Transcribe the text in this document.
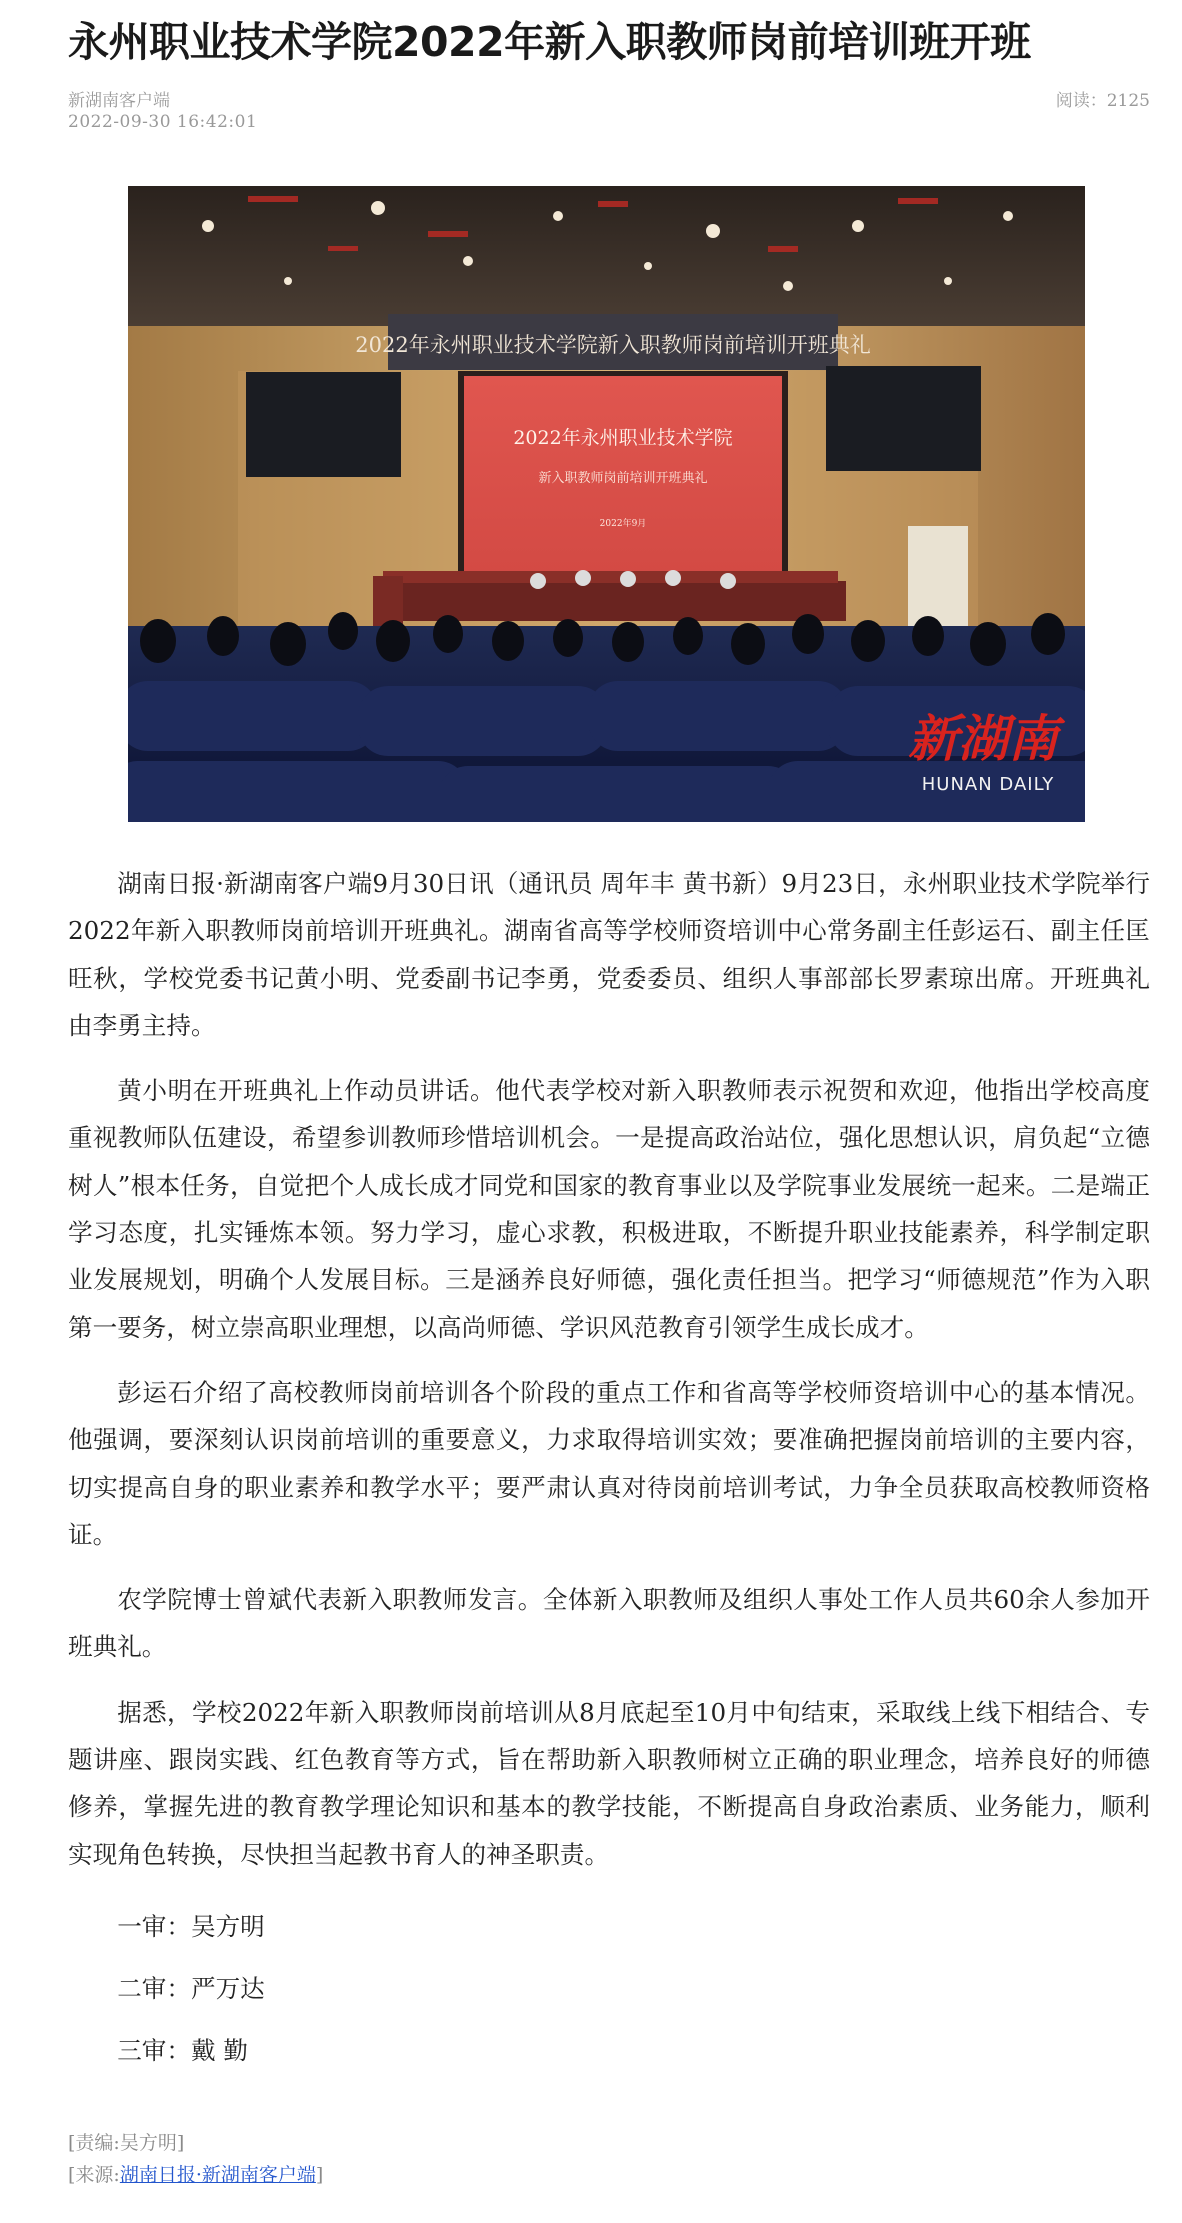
永州职业技术学院2022年新入职教师岗前培训班开班
新湖南客户端
2022-09-30 16:42:01
阅读：2125
2022年永州职业技术学院新入职教师岗前培训开班典礼
2022年永州职业技术学院
新入职教师岗前培训开班典礼
2022年9月
新湖南
HUNAN DAILY

湖南日报·新湖南客户端9月30日讯（通讯员 周年丰 黄书新）9月23日，永州职业技术学院举行2022年新入职教师岗前培训开班典礼。湖南省高等学校师资培训中心常务副主任彭运石、副主任匡旺秋，学校党委书记黄小明、党委副书记李勇，党委委员、组织人事部部长罗素琼出席。开班典礼由李勇主持。

黄小明在开班典礼上作动员讲话。他代表学校对新入职教师表示祝贺和欢迎，他指出学校高度重视教师队伍建设，希望参训教师珍惜培训机会。一是提高政治站位，强化思想认识，肩负起“立德树人”根本任务，自觉把个人成长成才同党和国家的教育事业以及学院事业发展统一起来。二是端正学习态度，扎实锤炼本领。努力学习，虚心求教，积极进取，不断提升职业技能素养，科学制定职业发展规划，明确个人发展目标。三是涵养良好师德，强化责任担当。把学习“师德规范”作为入职第一要务，树立崇高职业理想，以高尚师德、学识风范教育引领学生成长成才。

彭运石介绍了高校教师岗前培训各个阶段的重点工作和省高等学校师资培训中心的基本情况。他强调，要深刻认识岗前培训的重要意义，力求取得培训实效；要准确把握岗前培训的主要内容，切实提高自身的职业素养和教学水平；要严肃认真对待岗前培训考试，力争全员获取高校教师资格证。

农学院博士曾斌代表新入职教师发言。全体新入职教师及组织人事处工作人员共60余人参加开班典礼。

据悉，学校2022年新入职教师岗前培训从8月底起至10月中旬结束，采取线上线下相结合、专题讲座、跟岗实践、红色教育等方式，旨在帮助新入职教师树立正确的职业理念，培养良好的师德修养，掌握先进的教育教学理论知识和基本的教学技能，不断提高自身政治素质、业务能力，顺利实现角色转换，尽快担当起教书育人的神圣职责。

一审：吴方明

二审：严万达

三审：戴 勤

[责编:吴方明]
[来源:湖南日报·新湖南客户端]
